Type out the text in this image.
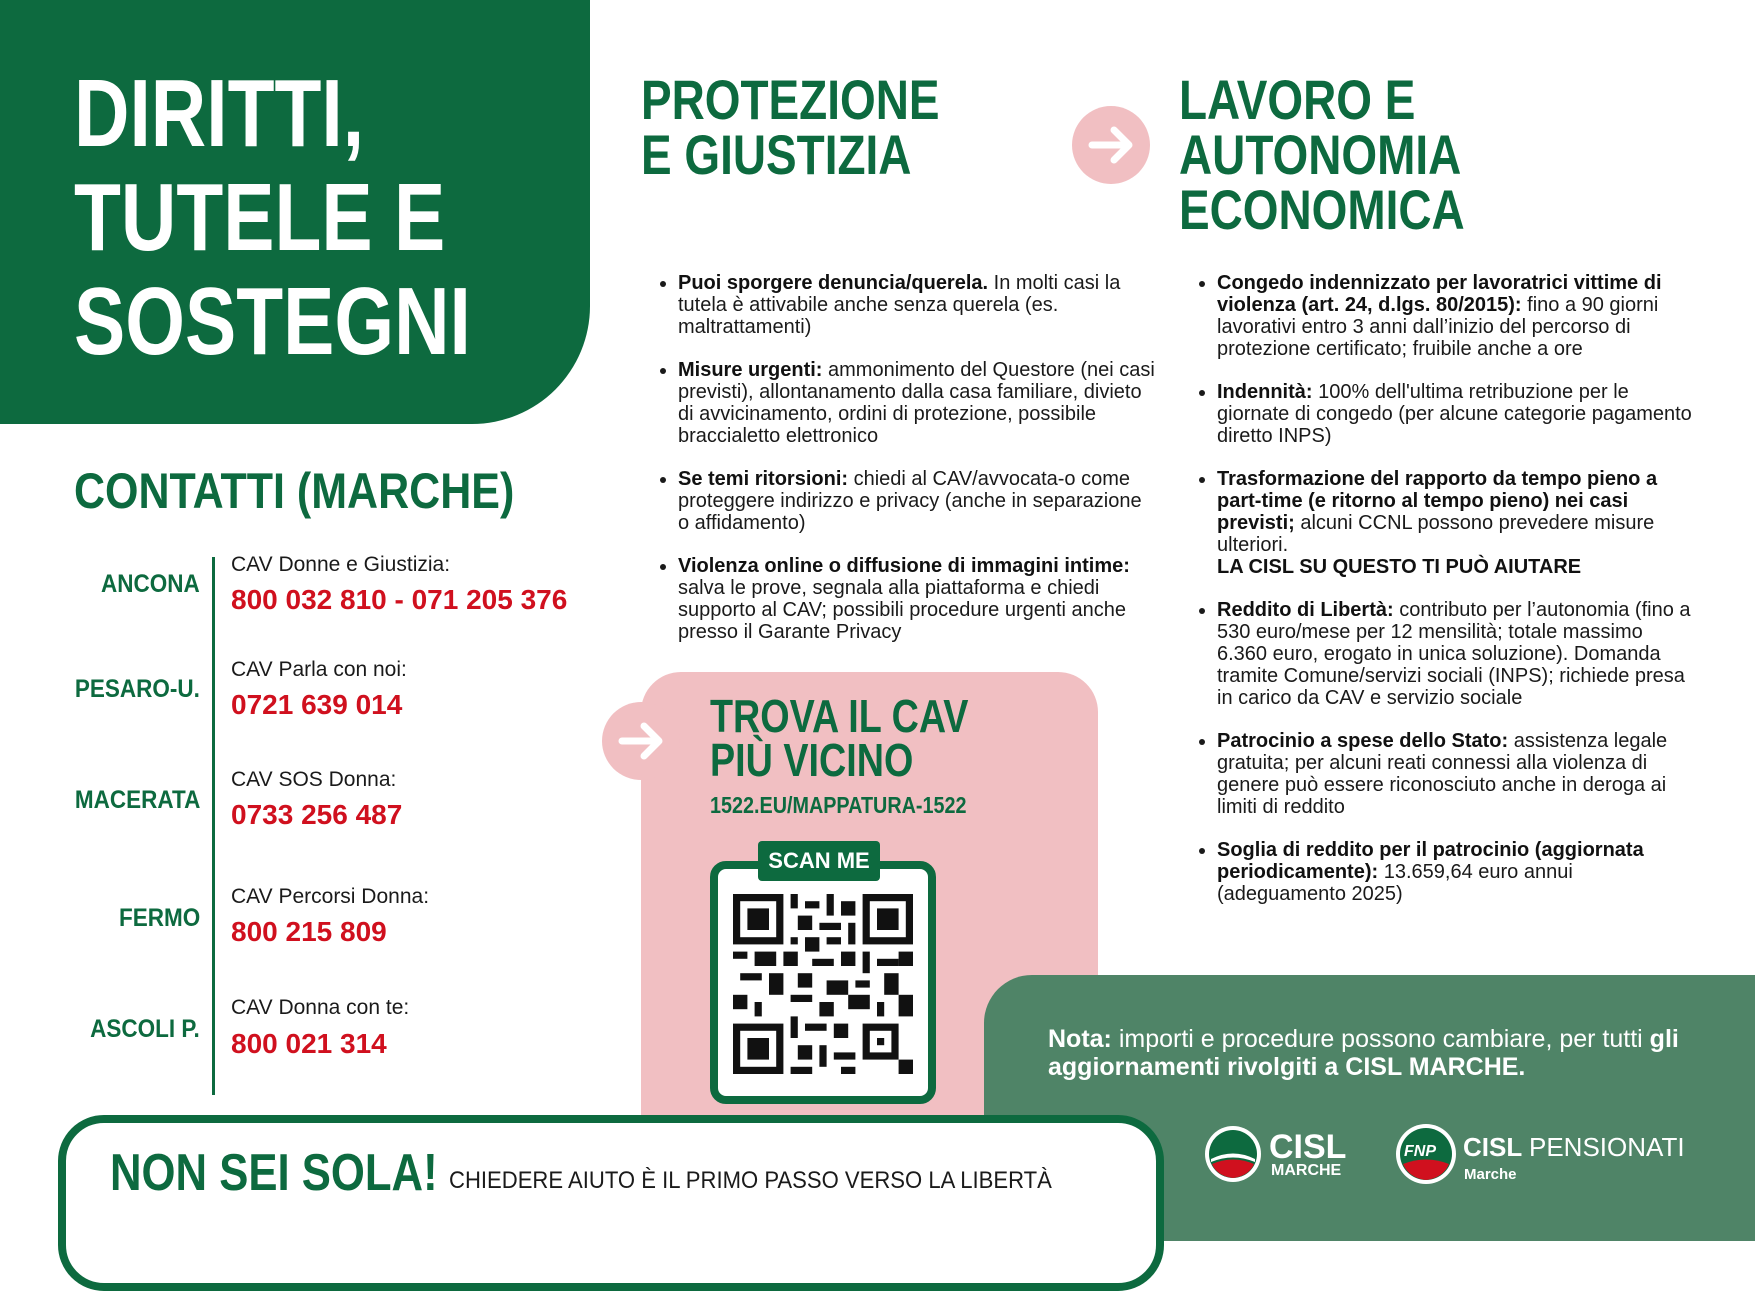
DIRITTI,
TUTELE E
SOSTEGNI
CONTATTI (MARCHE)
ANCONA
CAV Donne e Giustizia:
800 032 810 - 071 205 376
PESARO-U.
CAV Parla con noi:
0721 639 014
MACERATA
CAV SOS Donna:
0733 256 487
FERMO
CAV Percorsi Donna:
800 215 809
ASCOLI P.
CAV Donna con te:
800 021 314
PROTEZIONE
E GIUSTIZIA
• Puoi sporgere denuncia/querela. In molti casi la tutela è attivabile anche senza querela (es. maltrattamenti)
• Misure urgenti: ammonimento del Questore (nei casi previsti), allontanamento dalla casa familiare, divieto di avvicinamento, ordini di protezione, possibile braccialetto elettronico
• Se temi ritorsioni: chiedi al CAV/avvocata-o come proteggere indirizzo e privacy (anche in separazione o affidamento)
• Violenza online o diffusione di immagini intime: salva le prove, segnala alla piattaforma e chiedi supporto al CAV; possibili procedure urgenti anche presso il Garante Privacy
LAVORO E
AUTONOMIA
ECONOMICA
• Congedo indennizzato per lavoratrici vittime di violenza (art. 24, d.lgs. 80/2015): fino a 90 giorni lavorativi entro 3 anni dall’inizio del percorso di protezione certificato; fruibile anche a ore
• Indennità: 100% dell'ultima retribuzione per le giornate di congedo (per alcune categorie pagamento diretto INPS)
• Trasformazione del rapporto da tempo pieno a part-time (e ritorno al tempo pieno) nei casi previsti; alcuni CCNL possono prevedere misure ulteriori.
LA CISL SU QUESTO TI PUÒ AIUTARE
• Reddito di Libertà: contributo per l’autonomia (fino a 530 euro/mese per 12 mensilità; totale massimo 6.360 euro, erogato in unica soluzione). Domanda tramite Comune/servizi sociali (INPS); richiede presa in carico da CAV e servizio sociale
• Patrocinio a spese dello Stato: assistenza legale gratuita; per alcuni reati connessi alla violenza di genere può essere riconosciuto anche in deroga ai limiti di reddito
• Soglia di reddito per il patrocinio (aggiornata periodicamente): 13.659,64 euro annui (adeguamento 2025)
TROVA IL CAV
PIÙ VICINO
1522.EU/MAPPATURA-1522
SCAN ME
Nota: importi e procedure possono cambiare, per tutti gli aggiornamenti rivolgiti a CISL MARCHE.
CISL
MARCHE
FNP CISL PENSIONATI
Marche
NON SEI SOLA! CHIEDERE AIUTO È IL PRIMO PASSO VERSO LA LIBERTÀ
